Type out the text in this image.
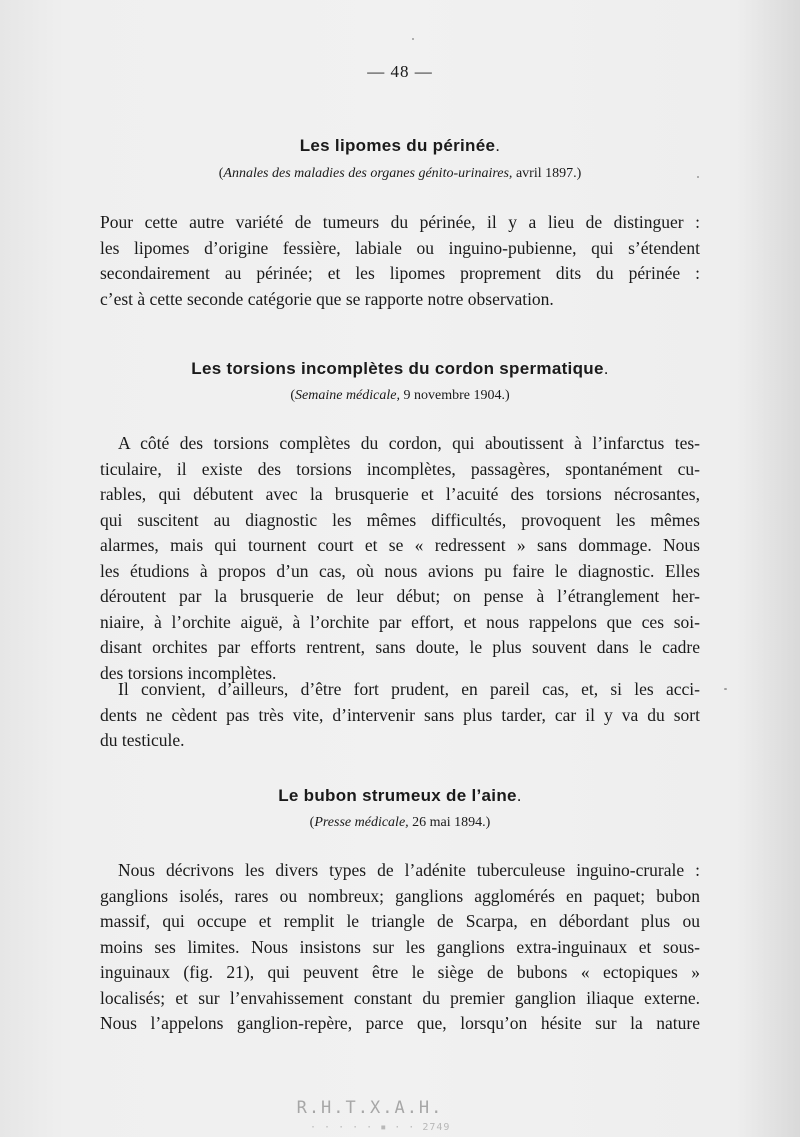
— 48 —
Les lipomes du périnée.
(Annales des maladies des organes génito-urinaires, avril 1897.)
Pour cette autre variété de tumeurs du périnée, il y a lieu de distinguer :
les lipomes d’origine fessière, labiale ou inguino-pubienne, qui s’étendent
secondairement au périnée; et les lipomes proprement dits du périnée :
c’est à cette seconde catégorie que se rapporte notre observation.
Les torsions incomplètes du cordon spermatique.
(Semaine médicale, 9 novembre 1904.)
A côté des torsions complètes du cordon, qui aboutissent à l’infarctus tes-
ticulaire, il existe des torsions incomplètes, passagères, spontanément cu-
rables, qui débutent avec la brusquerie et l’acuité des torsions nécrosantes,
qui suscitent au diagnostic les mêmes difficultés, provoquent les mêmes
alarmes, mais qui tournent court et se « redressent » sans dommage. Nous
les étudions à propos d’un cas, où nous avions pu faire le diagnostic. Elles
déroutent par la brusquerie de leur début; on pense à l’étranglement her-
niaire, à l’orchite aiguë, à l’orchite par effort, et nous rappelons que ces soi-
disant orchites par efforts rentrent, sans doute, le plus souvent dans le cadre
des torsions incomplètes.
Il convient, d’ailleurs, d’être fort prudent, en pareil cas, et, si les acci-
dents ne cèdent pas très vite, d’intervenir sans plus tarder, car il y va du sort
du testicule.
Le bubon strumeux de l’aine.
(Presse médicale, 26 mai 1894.)
Nous décrivons les divers types de l’adénite tuberculeuse inguino-crurale :
ganglions isolés, rares ou nombreux; ganglions agglomérés en paquet; bubon
massif, qui occupe et remplit le triangle de Scarpa, en débordant plus ou
moins ses limites. Nous insistons sur les ganglions extra-inguinaux et sous-
inguinaux (fig. 21), qui peuvent être le siège de bubons « ectopiques »
localisés; et sur l’envahissement constant du premier ganglion iliaque externe.
Nous l’appelons ganglion-repère, parce que, lorsqu’on hésite sur la nature
R.H.T.X.A.H.
· · · · · ▪ · · 2749
